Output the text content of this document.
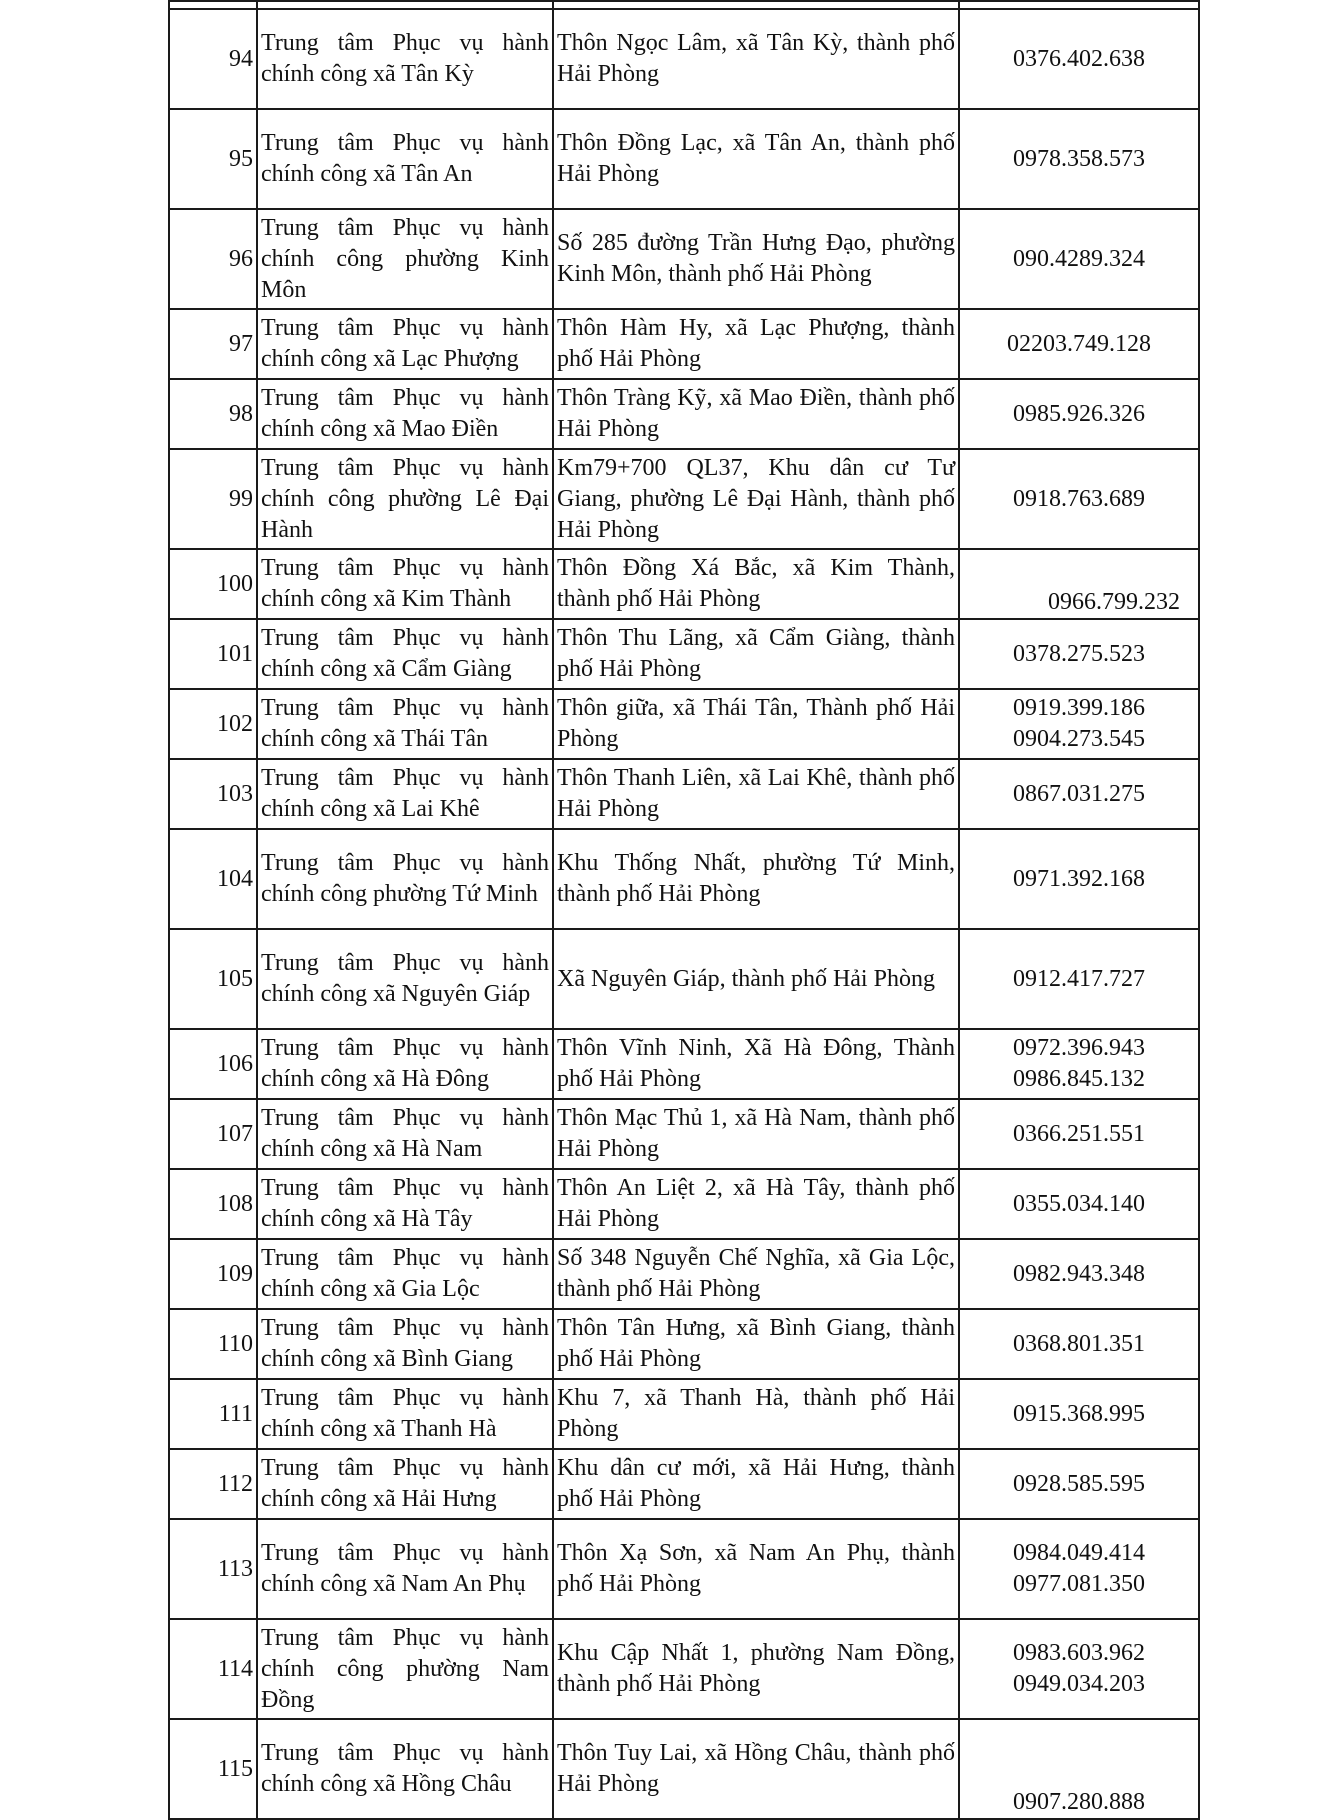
94	Trung tâm Phục vụ hành chính công xã Tân Kỳ	Thôn Ngọc Lâm, xã Tân Kỳ, thành phố Hải Phòng	0376.402.638

95	Trung tâm Phục vụ hành chính công xã Tân An	Thôn Đồng Lạc, xã Tân An, thành phố Hải Phòng	0978.358.573

96	Trung tâm Phục vụ hành chính công phường Kinh Môn	Số 285 đường Trần Hưng Đạo, phường Kinh Môn, thành phố Hải Phòng	090.4289.324

97	Trung tâm Phục vụ hành chính công xã Lạc Phượng	Thôn Hàm Hy, xã Lạc Phượng, thành phố Hải Phòng	02203.749.128

98	Trung tâm Phục vụ hành chính công xã Mao Điền	Thôn Tràng Kỹ, xã Mao Điền, thành phố Hải Phòng	0985.926.326

99	Trung tâm Phục vụ hành chính công phường Lê Đại Hành	Km79+700 QL37, Khu dân cư Tư Giang, phường Lê Đại Hành, thành phố Hải Phòng	0918.763.689

100	Trung tâm Phục vụ hành chính công xã Kim Thành	Thôn Đồng Xá Bắc, xã Kim Thành, thành phố Hải Phòng	0966.799.232

101	Trung tâm Phục vụ hành chính công xã Cẩm Giàng	Thôn Thu Lãng, xã Cẩm Giàng, thành phố Hải Phòng	0378.275.523

102	Trung tâm Phục vụ hành chính công xã Thái Tân	Thôn giữa, xã Thái Tân, Thành phố Hải Phòng	0919.399.186
0904.273.545

103	Trung tâm Phục vụ hành chính công xã Lai Khê	Thôn Thanh Liên, xã Lai Khê, thành phố Hải Phòng	0867.031.275

104	Trung tâm Phục vụ hành chính công phường Tứ Minh	Khu Thống Nhất, phường Tứ Minh, thành phố Hải Phòng	0971.392.168

105	Trung tâm Phục vụ hành chính công xã Nguyên Giáp	Xã Nguyên Giáp, thành phố Hải Phòng	0912.417.727

106	Trung tâm Phục vụ hành chính công xã Hà Đông	Thôn Vĩnh Ninh, Xã Hà Đông, Thành phố Hải Phòng	0972.396.943
0986.845.132

107	Trung tâm Phục vụ hành chính công xã Hà Nam	Thôn Mạc Thủ 1, xã Hà Nam, thành phố Hải Phòng	0366.251.551

108	Trung tâm Phục vụ hành chính công xã Hà Tây	Thôn An Liệt 2, xã Hà Tây, thành phố Hải Phòng	0355.034.140

109	Trung tâm Phục vụ hành chính công xã Gia Lộc	Số 348 Nguyễn Chế Nghĩa, xã Gia Lộc, thành phố Hải Phòng	0982.943.348

110	Trung tâm Phục vụ hành chính công xã Bình Giang	Thôn Tân Hưng, xã Bình Giang, thành phố Hải Phòng	0368.801.351

111	Trung tâm Phục vụ hành chính công xã Thanh Hà	Khu 7, xã Thanh Hà, thành phố Hải Phòng	0915.368.995

112	Trung tâm Phục vụ hành chính công xã Hải Hưng	Khu dân cư mới, xã Hải Hưng, thành phố Hải Phòng	0928.585.595

113	Trung tâm Phục vụ hành chính công xã Nam An Phụ	Thôn Xạ Sơn, xã Nam An Phụ, thành phố Hải Phòng	0984.049.414
0977.081.350

114	Trung tâm Phục vụ hành chính công phường Nam Đồng	Khu Cập Nhất 1, phường Nam Đồng, thành phố Hải Phòng	0983.603.962
0949.034.203

115	Trung tâm Phục vụ hành chính công xã Hồng Châu	Thôn Tuy Lai, xã Hồng Châu, thành phố Hải Phòng	0907.280.888
